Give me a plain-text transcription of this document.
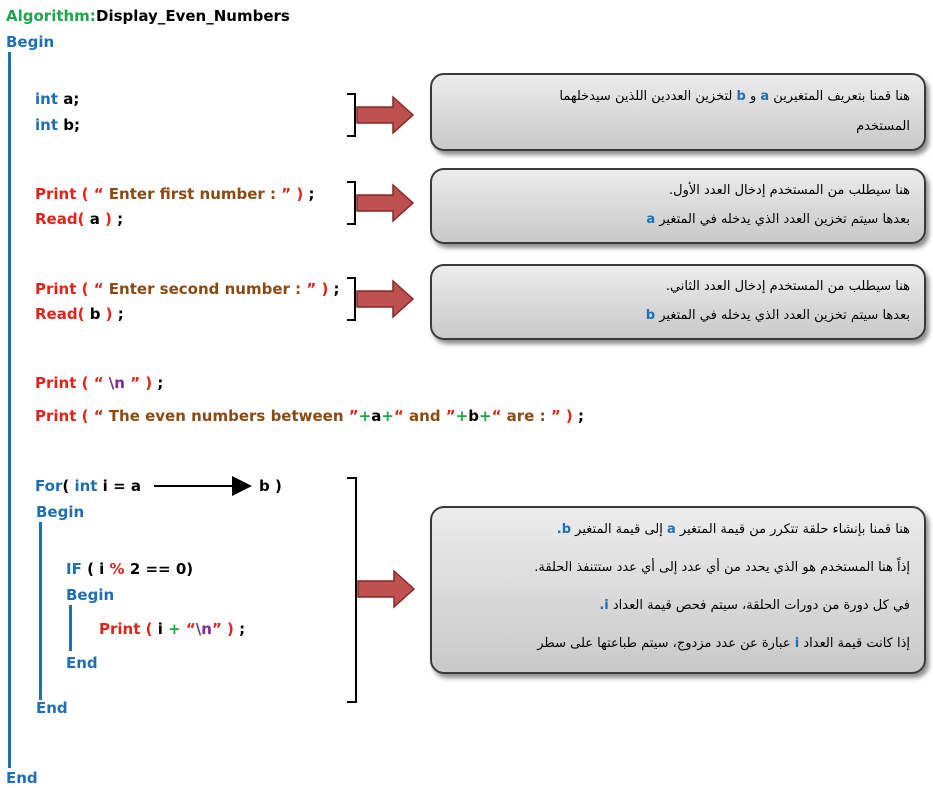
Algorithm: Display_Even_Numbers
Begin
int a;
int b;
Print ( “ Enter first number : ” ) ;
Read( a ) ;
Print ( “ Enter second number : ” ) ;
Read( b ) ;
Print ( “ \n ” ) ;
Print ( “ The even numbers between ”+a+“ and ”+b+“ are : ” ) ;
For( int i = a	b )
Begin
IF ( i % 2 == 0)
Begin
Print ( i + “\n” ) ;
End
End
End
هنا قمنا بتعريف المتغيرين a و b لتخزين العددين اللذين سيدخلهما
المستخدم
هنا سيطلب من المستخدم إدخال العدد الأول.
بعدها سيتم تخزين العدد الذي يدخله في المتغير a
هنا سيطلب من المستخدم إدخال العدد الثاني.
بعدها سيتم تخزين العدد الذي يدخله في المتغير b
هنا قمنا بإنشاء حلقة تتكرر من قيمة المتغير a إلى قيمة المتغير b.
إذاً هنا المستخدم هو الذي يحدد من أي عدد إلى أي عدد ستتنفذ الحلقة.
في كل دورة من دورات الحلقة، سيتم فحص قيمة العداد i.
إذا كانت قيمة العداد i عبارة عن عدد مزدوج، سيتم طباعتها على سطر
